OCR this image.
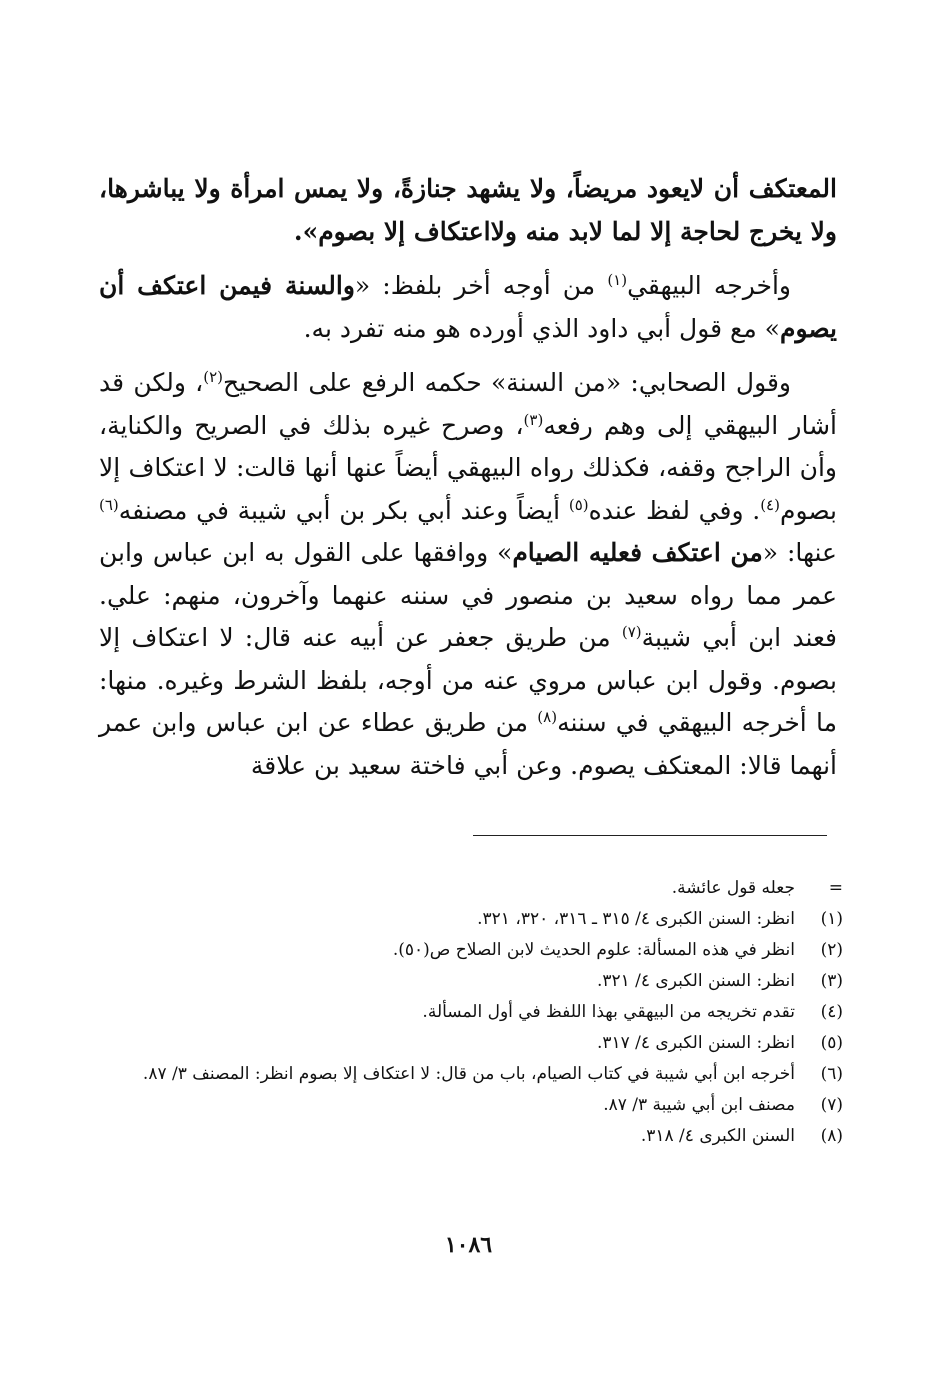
المعتكف أن لايعود مريضاً، ولا يشهد جنازةً، ولا يمس امرأة ولا يباشرها، ولا يخرج لحاجة إلا لما لابد منه ولااعتكاف إلا بصوم».

وأخرجه البيهقي$^{(١)}$ من أوجه أخر بلفظ: «والسنة فيمن اعتكف أن يصوم» مع قول أبي داود الذي أورده هو منه تفرد به.

وقول الصحابي: «من السنة» حكمه الرفع على الصحيح$^{(٢)}$، ولكن قد أشار البيهقي إلى وهم رفعه$^{(٣)}$، وصرح غيره بذلك في الصريح والكناية، وأن الراجح وقفه، فكذلك رواه البيهقي أيضاً عنها أنها قالت: لا اعتكاف إلا بصوم$^{(٤)}$. وفي لفظ عنده$^{(٥)}$ أيضاً وعند أبي بكر بن أبي شيبة في مصنفه$^{(٦)}$ عنها: «من اعتكف فعليه الصيام» ووافقها على القول به ابن عباس وابن عمر مما رواه سعيد بن منصور في سننه عنهما وآخرون، منهم: علي. فعند ابن أبي شيبة$^{(٧)}$ من طريق جعفر عن أبيه عنه قال: لا اعتكاف إلا بصوم. وقول ابن عباس مروي عنه من أوجه، بلفظ الشرط وغيره. منها: ما أخرجه البيهقي في سننه$^{(٨)}$ من طريق عطاء عن ابن عباس وابن عمر أنهما قالا: المعتكف يصوم. وعن أبي فاختة سعيد بن علاقة

=
جعله قول عائشة.
(١)
انظر: السنن الكبرى ٤/ ٣١٥ ـ ٣١٦، ٣٢٠، ٣٢١.
(٢)
انظر في هذه المسألة: علوم الحديث لابن الصلاح ص(٥٠).
(٣)
انظر: السنن الكبرى ٤/ ٣٢١.
(٤)
تقدم تخريجه من البيهقي بهذا اللفظ في أول المسألة.
(٥)
انظر: السنن الكبرى ٤/ ٣١٧.
(٦)
أخرجه ابن أبي شيبة في كتاب الصيام، باب من قال: لا اعتكاف إلا بصوم انظر: المصنف ٣/ ٨٧.
(٧)
مصنف ابن أبي شيبة ٣/ ٨٧.
(٨)
السنن الكبرى ٤/ ٣١٨.
١٠٨٦
